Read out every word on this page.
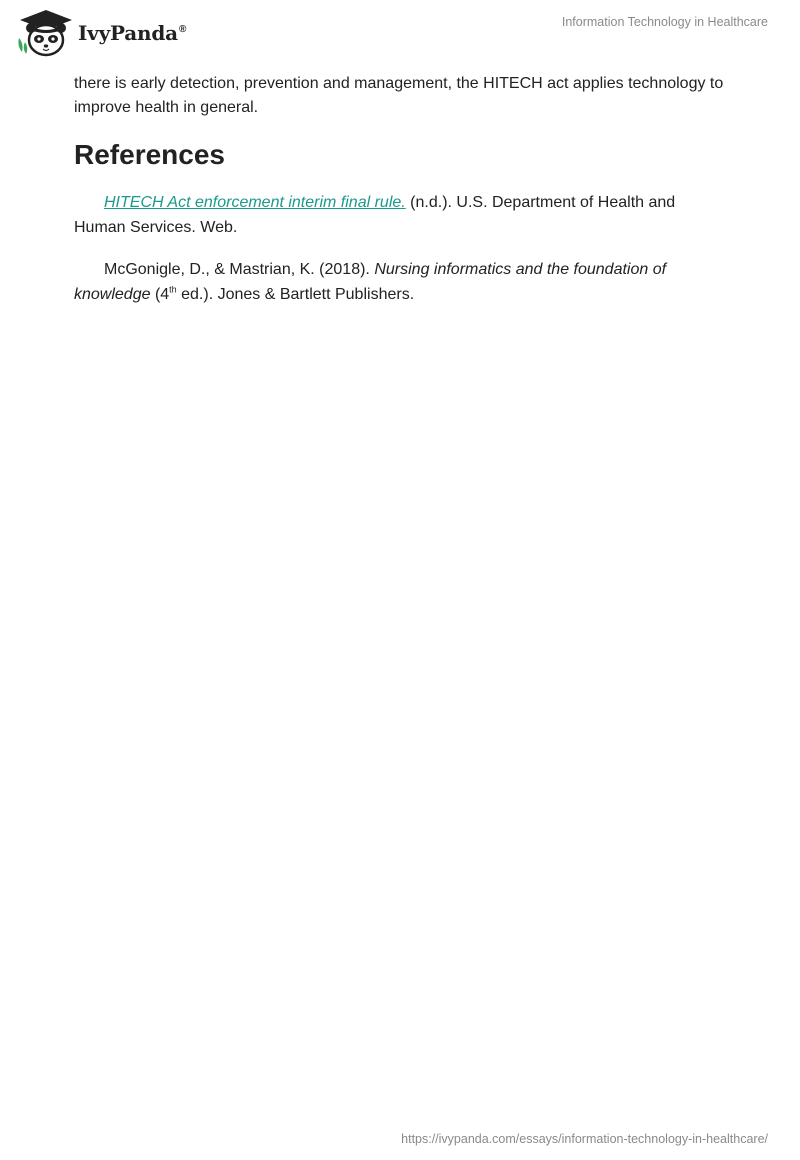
IvyPanda®
Information Technology in Healthcare

there is early detection, prevention and management, the HITECH act applies technology to improve health in general.

References

HITECH Act enforcement interim final rule. (n.d.). U.S. Department of Health and Human Services. Web.

McGonigle, D., & Mastrian, K. (2018). Nursing informatics and the foundation of knowledge (4th ed.). Jones & Bartlett Publishers.

https://ivypanda.com/essays/information-technology-in-healthcare/
